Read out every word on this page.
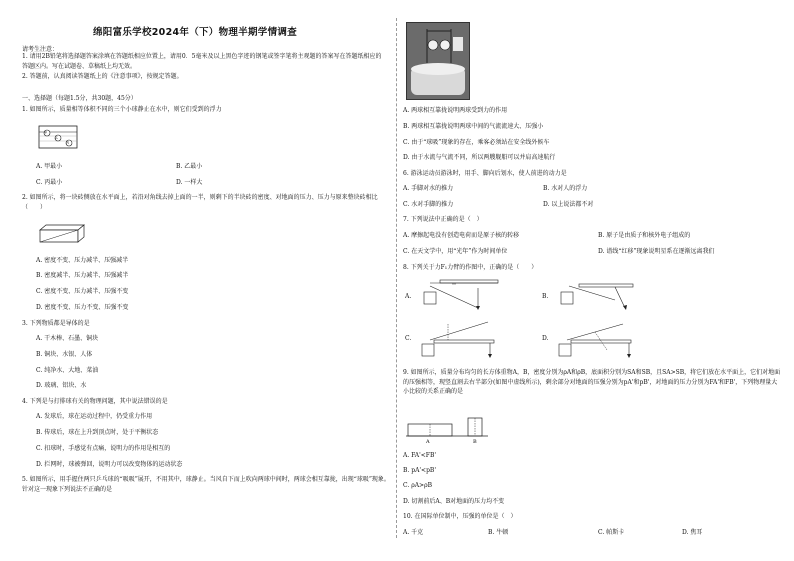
绵阳富乐学校2024年（下）物理半期学情调查
请考生注意：
1. 请用2B铅笔将选择题答案涂填在答题纸相应位置上，请用0．5毫米及以上黑色字迹的钢笔或签字笔将主观题的答案写在答题纸相应的答题区内。写在试题卷、草稿纸上均无效。
2. 答题前，认真阅读答题纸上的《注意事项》，按规定答题。
一、选择题（每题1.5分，共30题，45分）
1. 如图所示，质量相等体积不同的三个小球静止在水中，则它们受到的浮力
甲
乙
丙
A. 甲最小	B. 乙最小
C. 丙最小	D. 一样大
2. 如图所示，将一块砖侧放在水平面上，若沿对角线去掉上面的一半，则剩下的半块砖的密度、对地面的压力、压力与原来整块砖相比（　　）
A. 密度不变、压力减半、压强减半
B. 密度减半、压力减半、压强减半
C. 密度不变、压力减半、压强不变
D. 密度不变、压力不变、压强不变
3. 下列物质都是导体的是
A. 干木棒、石墨、铜块
B. 铜块、水银、人体
C. 纯净水、大地、菜油
D. 玻璃、铝块、水
4. 下列是与打排球有关的物理问题，其中说法错误的是
A. 发球后，球在运动过程中，仍受重力作用
B. 传球后，球在上升到顶点时，处于平衡状态
C. 扣球时，手感觉有点痛，说明力的作用是相互的
D. 拦网时，球被弹回，说明力可以改变物体的运动状态
5. 如图所示，用手握住两只乒乓球的“吸吸”展开，不用其中，球静止。当风自下而上吹向两球中间时，两球会相互靠拢，出现“球吸”现象。针对这一现象下列说法不正确的是
A. 两球相互靠拢说明两球受到力的作用
B. 两球相互靠拢说明两球中间的气流流速大、压强小
C. 由于“球吸”现象的存在，乘客必须站在安全线外候车
D. 由于水流与气流不同，所以两艘舰船可以并肩高速航行
6. 游泳运动员游泳时，用手、脚向后划水，使人前进的动力是
A. 手脚对水的推力	B. 水对人的浮力
C. 水对手脚的推力	D. 以上说法都不对
7. 下列说法中正确的是（　）
A. 摩擦起电没有创造电荷而是原子核的转移	B. 原子是由质子和核外电子组成的
C. 在天文学中，用“光年”作为时间单位	D. 谱线“红移”现象说明星系在逐渐远离我们
8. 下列关于力F₁力臂的作图中，正确的是（　　）
A.	B.
C.	D.
9. 如图所示，质量分布均匀的长方体重物A，B，密度分别为ρA和ρB，底面积分别为SA和SB，且SA>SB，将它们放在水平面上，它们对地面的压强相等，现竖直割去右半部分(如图中虚线所示)，剩余部分对地面的压强分别为pA'和pB'，对地面的压力分别为FA'和FB'，下列物理量大小比较的关系正确的是
A	B
A. FA'<FB'
B. pA'<pB'
C. ρA>ρB
D. 切割前后A、B对地面的压力均不变
10. 在国际单位制中，压强的单位是（　）
A. 千克	B. 牛顿	C. 帕斯卡	D. 焦耳
